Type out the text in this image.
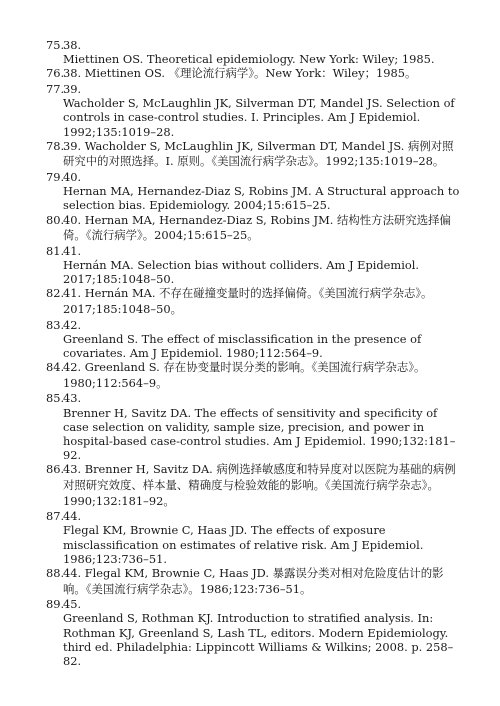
75.
38.
Miettinen OS. Theoretical epidemiology. New York: Wiley; 1985.
76.
38. Miettinen OS. 《理论流行病学》。New York：Wiley；1985。
77.
39.
Wacholder S, McLaughlin JK, Silverman DT, Mandel JS. Selection of controls in case-control studies. I. Principles. Am J Epidemiol. 1992;135:1019–28.
78.
39. Wacholder S, McLaughlin JK, Silverman DT, Mandel JS. 病例对照研究中的对照选择。I. 原则。《美国流行病学杂志》。1992;135:1019–28。
79.
40.
Hernan MA, Hernandez-Diaz S, Robins JM. A Structural approach to selection bias. Epidemiology. 2004;15:615–25.
80.
40. Hernan MA, Hernandez-Diaz S, Robins JM. 结构性方法研究选择偏倚。《流行病学》。2004;15:615–25。
81.
41.
Hernán MA. Selection bias without colliders. Am J Epidemiol. 2017;185:1048–50.
82.
41. Hernán MA. 不存在碰撞变量时的选择偏倚。《美国流行病学杂志》。2017;185:1048–50。
83.
42.
Greenland S. The effect of misclassification in the presence of covariates. Am J Epidemiol. 1980;112:564–9.
84.
42. Greenland S. 存在协变量时误分类的影响。《美国流行病学杂志》。1980;112:564–9。
85.
43.
Brenner H, Savitz DA. The effects of sensitivity and specificity of case selection on validity, sample size, precision, and power in hospital-based case-control studies. Am J Epidemiol. 1990;132:181–92.
86.
43. Brenner H, Savitz DA. 病例选择敏感度和特异度对以医院为基础的病例对照研究效度、样本量、精确度与检验效能的影响。《美国流行病学杂志》。1990;132:181–92。
87.
44.
Flegal KM, Brownie C, Haas JD. The effects of exposure misclassification on estimates of relative risk. Am J Epidemiol. 1986;123:736–51.
88.
44. Flegal KM, Brownie C, Haas JD. 暴露误分类对相对危险度估计的影响。《美国流行病学杂志》。1986;123:736–51。
89.
45.
Greenland S, Rothman KJ. Introduction to stratified analysis. In: Rothman KJ, Greenland S, Lash TL, editors. Modern Epidemiology. third ed. Philadelphia: Lippincott Williams & Wilkins; 2008. p. 258–82.
